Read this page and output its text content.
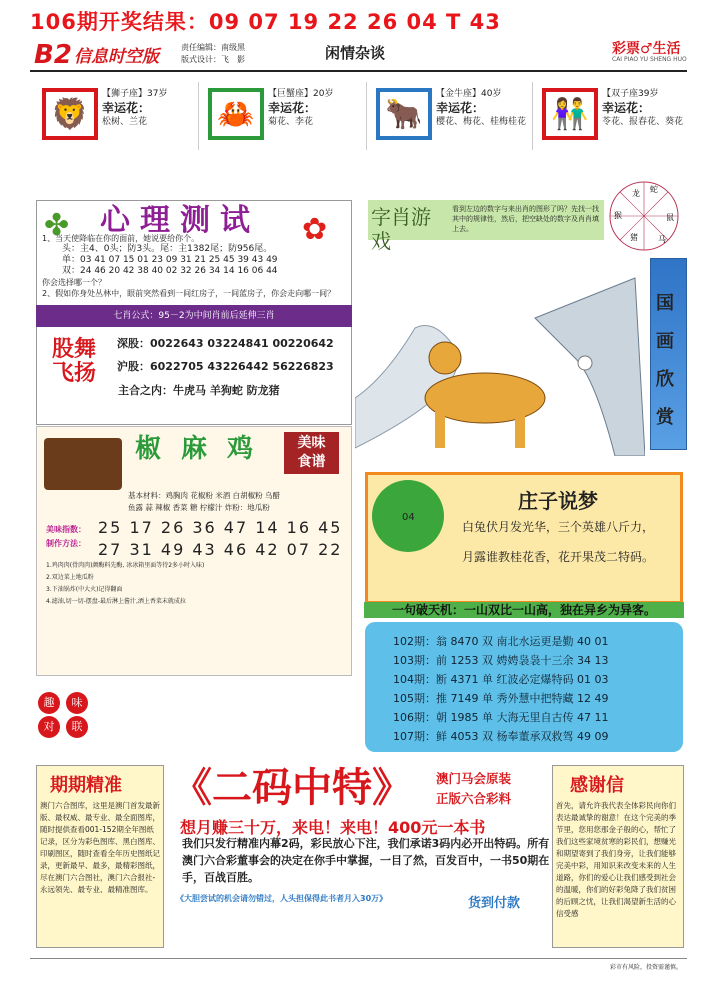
106期开奖结果：09 07 19 22 26 04 T 43
B2 信息时空版	责任编辑：南级黑
版式设计：飞　影	闲情杂谈	彩票♂生活
CAI PIAO YU SHENG HUO
🦁
【狮子座】37岁
幸运花：
松树、兰花	🦀
【巨蟹座】20岁
幸运花：
菊花、李花	🐂
【金牛座】40岁
幸运花：
樱花、梅花、桂梅桂花 👫
【双子座39岁
幸运花：
苓花、报春花、葵花
✤	✿
心理测试
1、当天使降临在你的面前，她说要给你个。
头：主4、0头；防3头。尾：主1382尾；防956尾。
单：03 41 07 15 01 23 09 31 21 25 45 39 43 49
双：24 46 20 42 38 40 02 32 26 34 14 16 06 44
你会选择哪一个？
2、假如你身处丛林中，眼前突然看到一间红房子，一间蓝房子，你会走向哪一间？
七肖公式：95－2为中间肖前后延伸三肖
股舞飞扬
深股：0022643 03224841 00220642
沪股：6022705 43226442 56226823
主合之内：牛虎马 羊狗蛇 防龙猪
字肖游戏
看到左边的数字与来出肖的图形了吗？先找一找其中的规律性，然后，把空缺处的数字及肖肖填上去。
龙 蛇
马
猪
猴	鼠
国
画
欣
赏
椒麻鸡	美味
食谱
基本材料：鸡胸肉 花椒粉 米酒 白胡椒粉 乌醋
鱼露 蒜 辣椒 香菜 糖 柠檬汁 炸粉：地瓜粉
美味指数：
制作方法：
25 17 26 36 47 14 16 45
27 31 49 43 46 42 07 22
1.鸡肉肉(骨肉肉)颜酶料先酶, 冰冰箱里面等待2多小时入味)
2.双边菜上地瓜粉
3.下油锅炸(中大火)记得翻面
4.滤油,切一切-摆盘-最后淋上酱汁,洒上香菜末就成拉
趣	味
对	联
04
庄子说梦
白兔伏月发光华，三个英雄八斤力，
月露谁教桂花香，花开果茂二特码。
一句破天机：一山双比一山高，独在异乡为异客。
102期：翁 8470 双 南北水运更是勤 40 01
103期：前 1253 双 娉娉袅袅十三余 34 13
104期：断 4371 单 红波必定爆特码 01 03
105期：推 7149 单 秀外慧中把特藏 12 49
106期：朝 1985 单 大海无里自古传 47 11
107期：鲜 4053 双 杨奉董承双救驾 49 09
期期精准
澳门六合图库，这里是澳门首发最新版、最权威、最专业、最全面图库，随时提供查看001-152期全年图纸记录，区分为彩色图库、黑白图库、印刷图区，随时查看全年历史图纸记录，更新最早、最多，最精彩图纸，尽在澳门六合图社，澳门六合报社-永远领先、最专业、最精准图库。
《二码中特》	澳门马会原装
正版六合彩料
想月赚三十万，来电！来电！400元一本书
我们只发行精准内幕2码，彩民放心下注，我们承诺3码内必开出特码。所有澳门六合彩董事会的决定在你手中掌握，一目了然，百发百中，一书50期在手，百战百胜。
《大胆尝试的机会请勿错过，人头担保得此书者月入30万》	货到付款
感谢信
首先，请允许我代表全体彩民向你们表达最诚挚的谢意！在这个完美的季节里，您用您那金子般的心，帮忙了我们这些家境贫寒的彩民们，想赚光和期望寄到了我们身旁，让我们能够完美中彩，用知识来改变未来的人生道路，你们的爱心让我们感受到社会的温暖，你们的好彩兔降了我们贫困的后顾之忧，让我们渴望新生活的心信受感
彩市有风险，投资需谨慎。
